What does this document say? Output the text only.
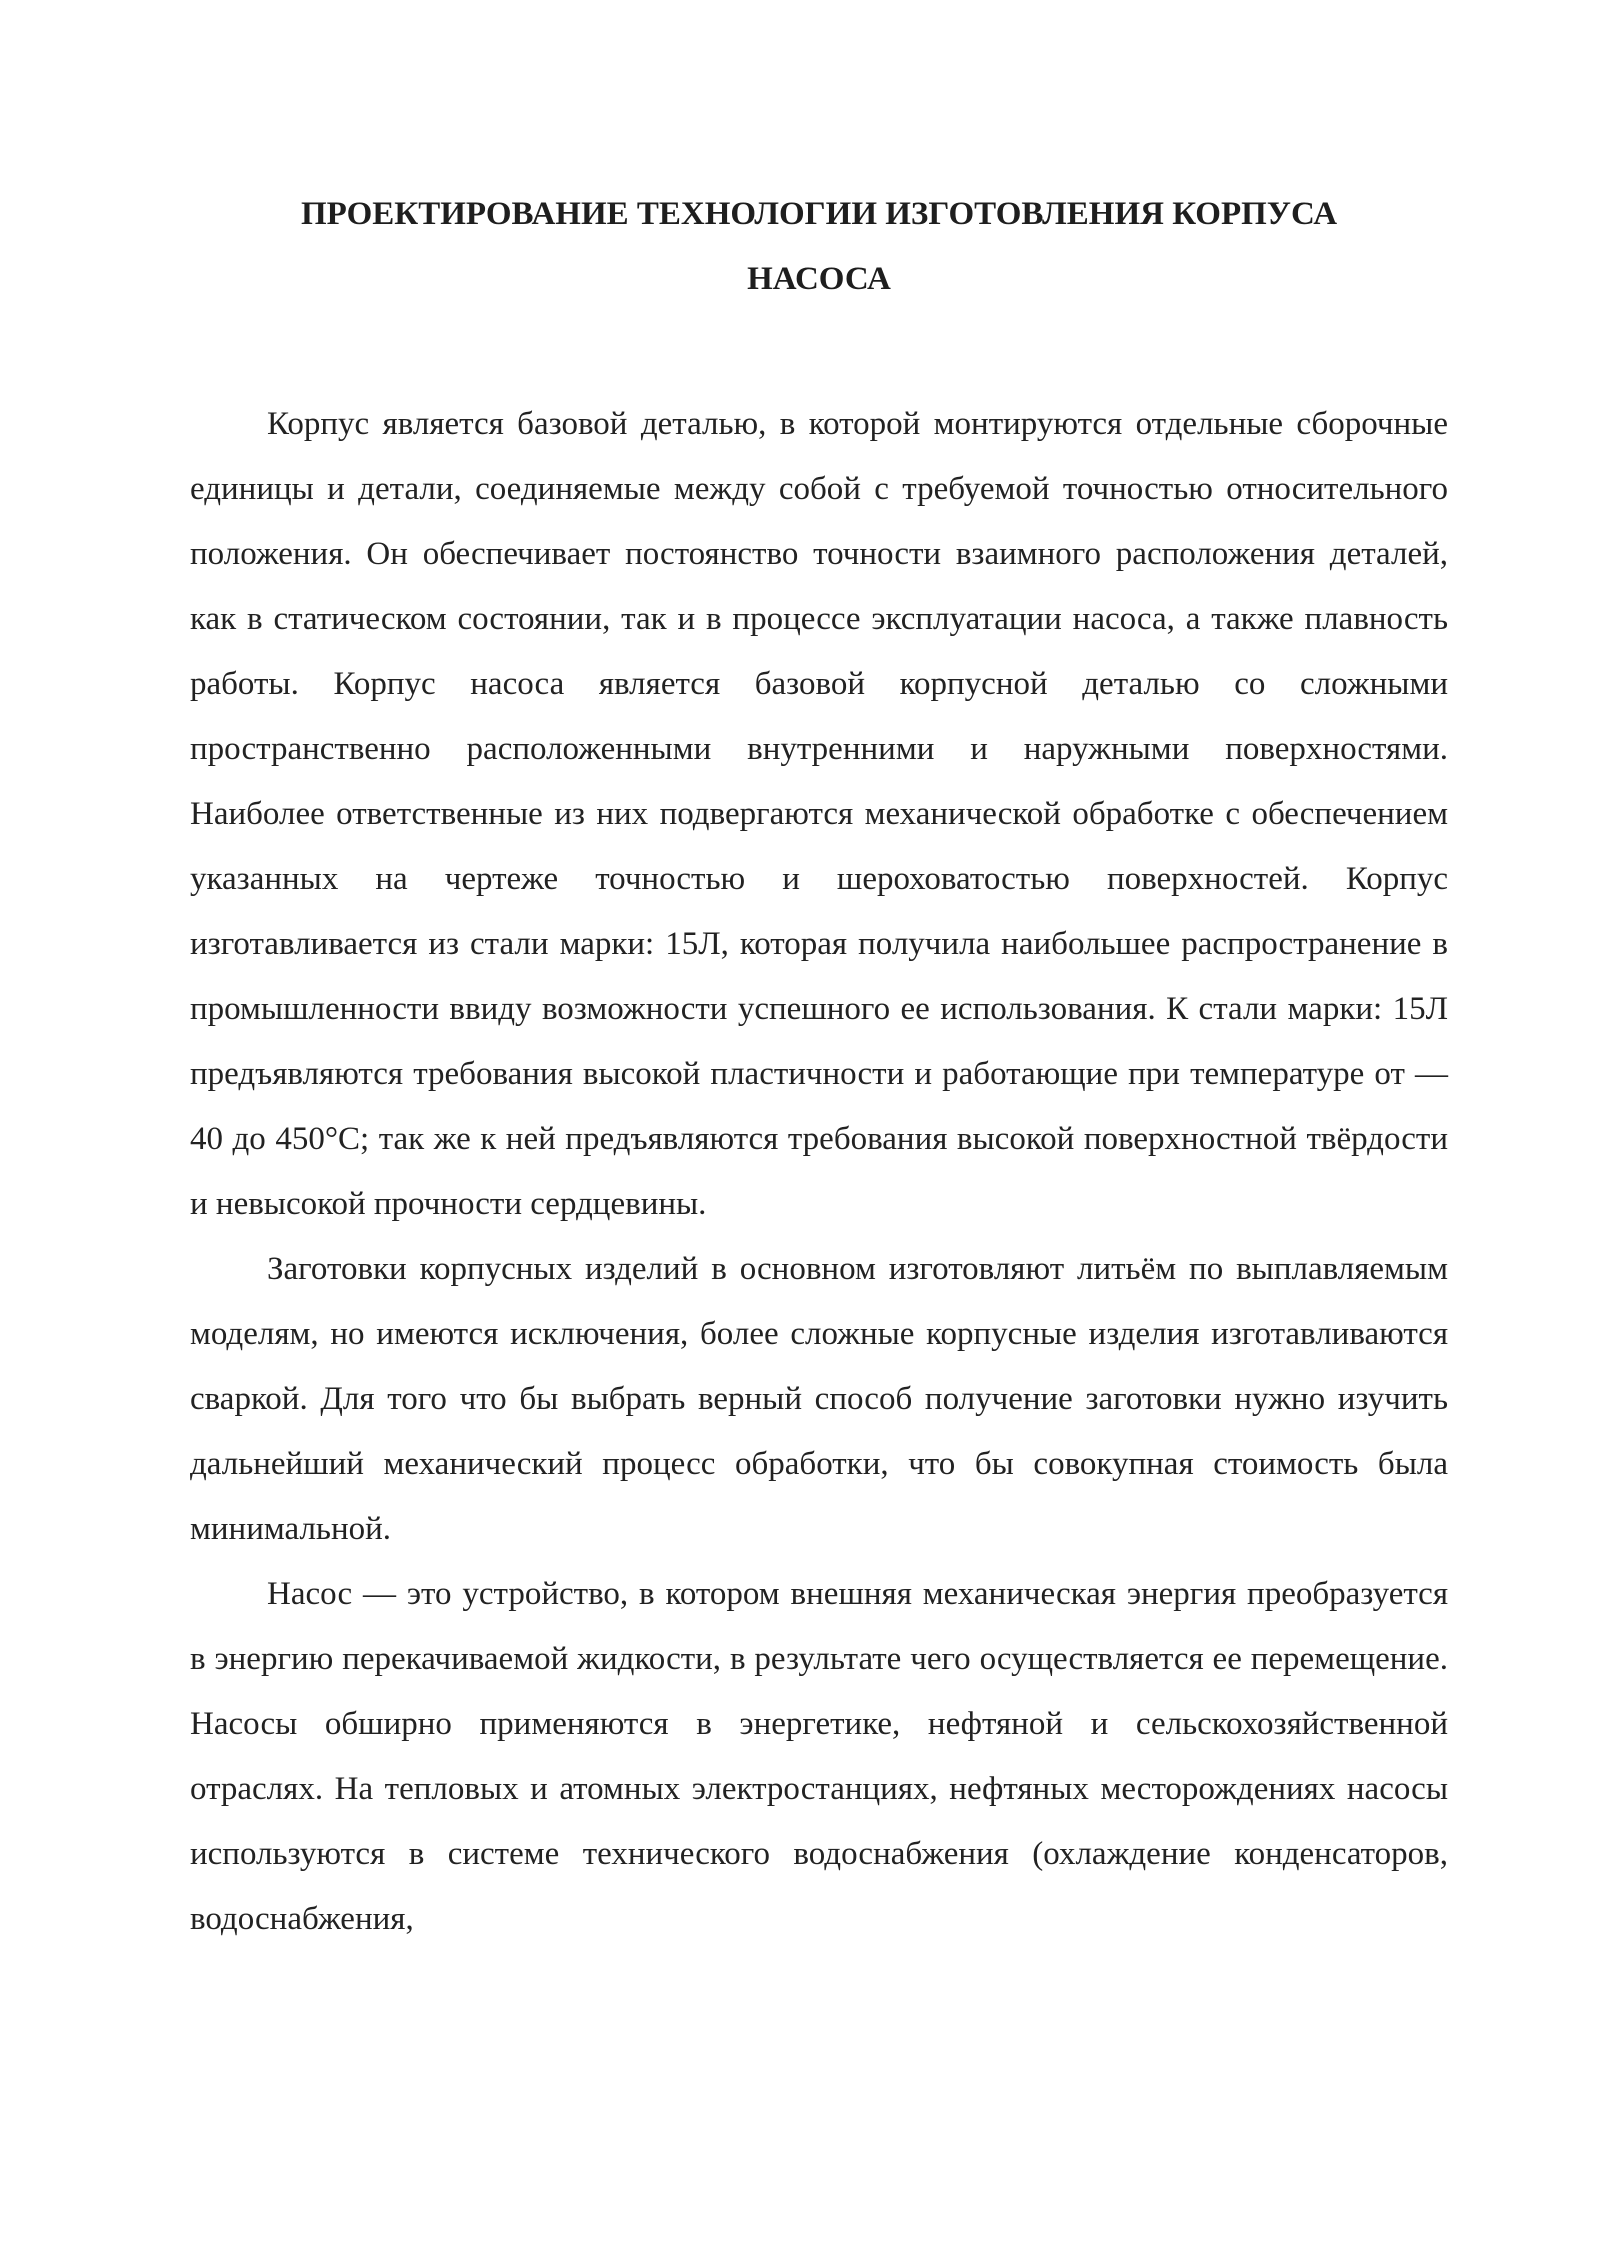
ПРОЕКТИРОВАНИЕ ТЕХНОЛОГИИ ИЗГОТОВЛЕНИЯ КОРПУСА
НАСОСА

Корпус является базовой деталью, в которой монтируются отдельные сборочные единицы и детали, соединяемые между собой с требуемой точностью относительного положения. Он обеспечивает постоянство точности взаимного расположения деталей, как в статическом состоянии, так и в процессе эксплуатации насоса, а также плавность работы. Корпус насоса является базовой корпусной деталью со сложными пространственно расположенными внутренними и наружными поверхностями. Наиболее ответственные из них подвергаются механической обработке с обеспечением указанных на чертеже точностью и шероховатостью поверхностей. Корпус изготавливается из стали марки: 15Л, которая получила наибольшее распространение в промышленности ввиду возможности успешного ее использования. К стали марки: 15Л предъявляются требования высокой пластичности и работающие при температуре от —40 до 450°С; так же к ней предъявляются требования высокой поверхностной твёрдости и невысокой прочности сердцевины.

Заготовки корпусных изделий в основном изготовляют литьём по выплавляемым моделям, но имеются исключения, более сложные корпусные изделия изготавливаются сваркой. Для того что бы выбрать верный способ получение заготовки нужно изучить дальнейший механический процесс обработки, что бы совокупная стоимость была минимальной.

Насос — это устройство, в котором внешняя механическая энергия преобразуется в энергию перекачиваемой жидкости, в результате чего осуществляется ее перемещение. Насосы обширно применяются в энергетике, нефтяной и сельскохозяйственной отраслях. На тепловых и атомных электростанциях, нефтяных месторождениях насосы используются в системе технического водоснабжения (охлаждение конденсаторов, водоснабжения,
